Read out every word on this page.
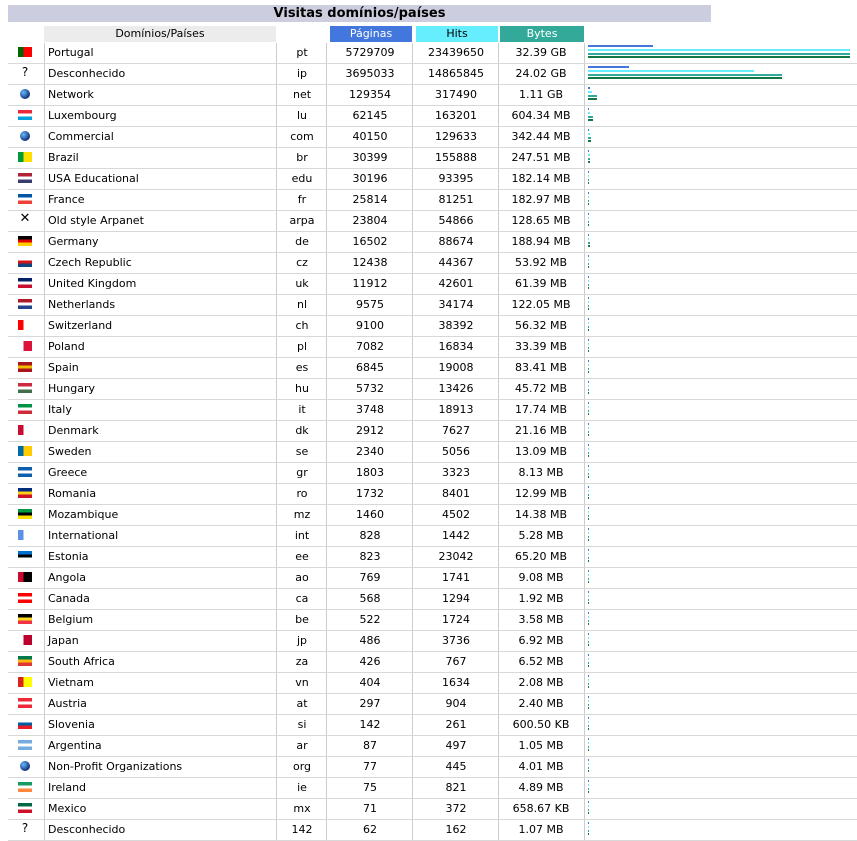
Visitas domínios/países
Domínios/Países	Páginas	Hits	Bytes
Portugal	pt	5729709	23439650	32.39 GB
?	Desconhecido	ip	3695033	14865845	24.02 GB
Network	net	129354	317490	1.11 GB
Luxembourg	lu	62145	163201	604.34 MB
Commercial	com	40150	129633	342.44 MB
Brazil	br	30399	155888	247.51 MB
USA Educational	edu	30196	93395	182.14 MB
France	fr	25814	81251	182.97 MB
✕ Old style Arpanet	arpa	23804	54866	128.65 MB
Germany	de	16502	88674	188.94 MB
Czech Republic	cz	12438	44367	53.92 MB
United Kingdom	uk	11912	42601	61.39 MB
Netherlands	nl	9575	34174	122.05 MB
Switzerland	ch	9100	38392	56.32 MB
Poland	pl	7082	16834	33.39 MB
Spain	es	6845	19008	83.41 MB
Hungary	hu	5732	13426	45.72 MB
Italy	it	3748	18913	17.74 MB
Denmark	dk	2912	7627	21.16 MB
Sweden	se	2340	5056	13.09 MB
Greece	gr	1803	3323	8.13 MB
Romania	ro	1732	8401	12.99 MB
Mozambique	mz	1460	4502	14.38 MB
International	int	828	1442	5.28 MB
Estonia	ee	823	23042	65.20 MB
Angola	ao	769	1741	9.08 MB
Canada	ca	568	1294	1.92 MB
Belgium	be	522	1724	3.58 MB
Japan	jp	486	3736	6.92 MB
South Africa	za	426	767	6.52 MB
Vietnam	vn	404	1634	2.08 MB
Austria	at	297	904	2.40 MB
Slovenia	si	142	261	600.50 KB
Argentina	ar	87	497	1.05 MB
Non-Profit Organizations	org	77	445	4.01 MB
Ireland	ie	75	821	4.89 MB
Mexico	mx	71	372	658.67 KB
?	Desconhecido	142	62	162	1.07 MB
